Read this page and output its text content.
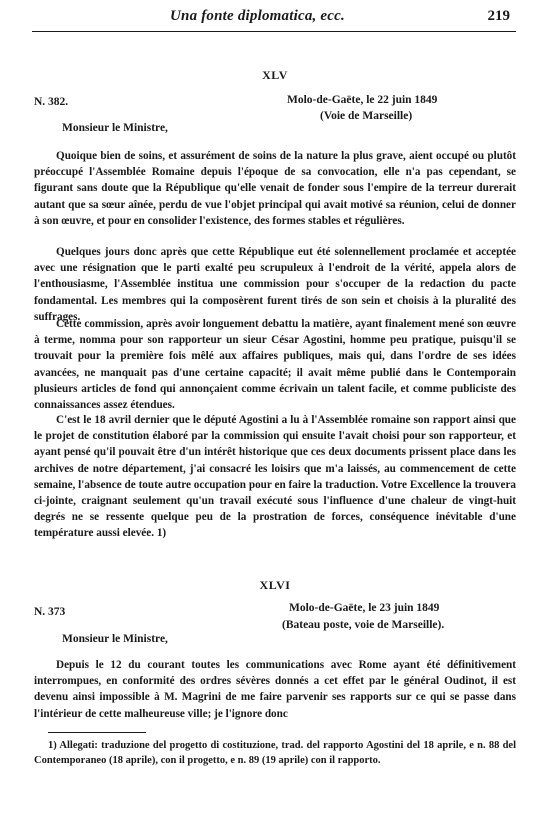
Una fonte diplomatica, ecc.	219
XLV
N. 382.	Molo-de-Gaëte, le 22 juin 1849
(Voie de Marseille)
Monsieur le Ministre,
Quoique bien de soins, et assurément de soins de la nature la plus grave, aient occupé ou plutôt préoccupé l'Assemblée Romaine depuis l'époque de sa convocation, elle n'a pas cependant, se figurant sans doute que la République qu'elle venait de fonder sous l'empire de la terreur durerait autant que sa sœur aînée, perdu de vue l'objet principal qui avait motivé sa réunion, celui de donner à son œuvre, et pour en consolider l'existence, des formes stables et régulières.
Quelques jours donc après que cette République eut été solennellement proclamée et acceptée avec une résignation que le parti exalté peu scrupuleux à l'endroit de la vérité, appela alors de l'enthousiasme, l'Assemblée institua une commission pour s'occuper de la redaction du pacte fondamental. Les membres qui la composèrent furent tirés de son sein et choisis à la pluralité des suffrages.
Cette commission, après avoir longuement debattu la matière, ayant finalement mené son œuvre à terme, nomma pour son rapporteur un sieur César Agostini, homme peu pratique, puisqu'il se trouvait pour la première fois mêlé aux affaires publiques, mais qui, dans l'ordre de ses idées avancées, ne manquait pas d'une certaine capacité; il avait même publié dans le Contemporain plusieurs articles de fond qui annonçaient comme écrivain un talent facile, et comme publiciste des connaissances assez étendues.
C'est le 18 avril dernier que le député Agostini a lu à l'Assemblée romaine son rapport ainsi que le projet de constitution élaboré par la commission qui ensuite l'avait choisi pour son rapporteur, et ayant pensé qu'il pouvait être d'un intérêt historique que ces deux documents prissent place dans les archives de notre département, j'ai consacré les loisirs que m'a laissés, au commencement de cette semaine, l'absence de toute autre occupation pour en faire la traduction. Votre Excellence la trouvera ci-jointe, craignant seulement qu'un travail exécuté sous l'influence d'une chaleur de vingt-huit degrés ne se ressente quelque peu de la prostration de forces, conséquence inévitable d'une température aussi elevée. 1)
XLVI
N. 373	Molo-de-Gaëte, le 23 juin 1849
(Bateau poste, voie de Marseille).
Monsieur le Ministre,
Depuis le 12 du courant toutes les communications avec Rome ayant été définitivement interrompues, en conformité des ordres sévères donnés a cet effet par le général Oudinot, il est devenu ainsi impossible à M. Magrini de me faire parvenir ses rapports sur ce qui se passe dans l'intérieur de cette malheureuse ville; je l'ignore donc
1) Allegati: traduzione del progetto di costituzione, trad. del rapporto Agostini del 18 aprile, e n. 88 del Contemporaneo (18 aprile), con il progetto, e n. 89 (19 aprile) con il rapporto.
